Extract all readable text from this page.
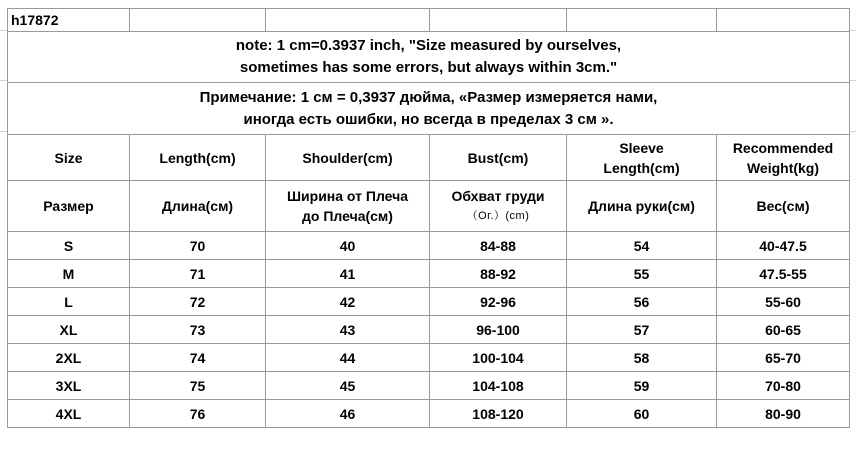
h17872					

note: 1 cm=0.3937 inch, "Size measured by ourselves,
sometimes has some errors, but always within 3cm."					

Примечание: 1 см = 0,3937 дюйма, «Размер измеряется нами,
иногда есть ошибки, но всегда в пределах 3 см ».					

Size	Length(cm)	Shoulder(cm)	Bust(cm)	Sleeve
Length(cm)	Recommended
Weight(kg)

Размер	Длина(см)	Ширина от Плеча
до Плеча(см)	Обхват груди
（Ог.）(cm)	Длина руки(см)	Вес(см)

S	70	40	84-88	54	40-47.5
M	71	41	88-92	55	47.5-55
L	72	42	92-96	56	55-60
XL	73	43	96-100	57	60-65
2XL	74	44	100-104	58	65-70
3XL	75	45	104-108	59	70-80
4XL	76	46	108-120	60	80-90
